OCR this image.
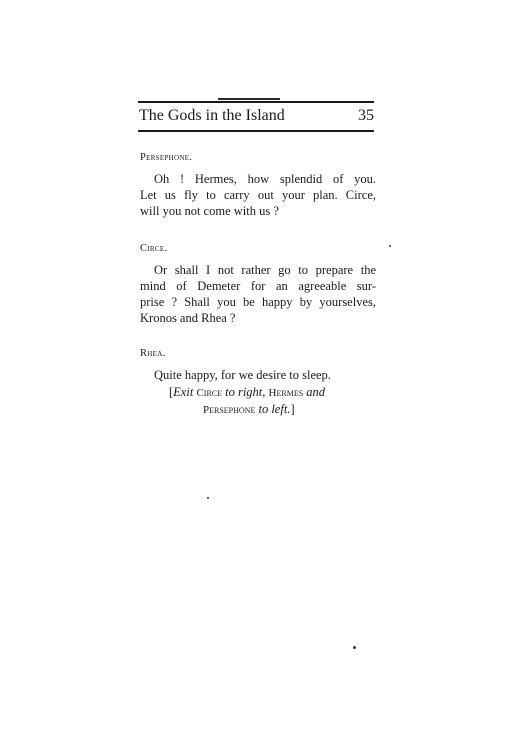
The Gods in the Island	35
Persephone.
Oh ! Hermes, how splendid of you.
Let us fly to carry out your plan. Circe,
will you not come with us ?
Circe.
Or shall I not rather go to prepare the
mind of Demeter for an agreeable sur-
prise ? Shall you be happy by yourselves,
Kronos and Rhea ?
Rhea.
Quite happy, for we desire to sleep.
[Exit Circe to right, Hermes and
Persephone to left.]
